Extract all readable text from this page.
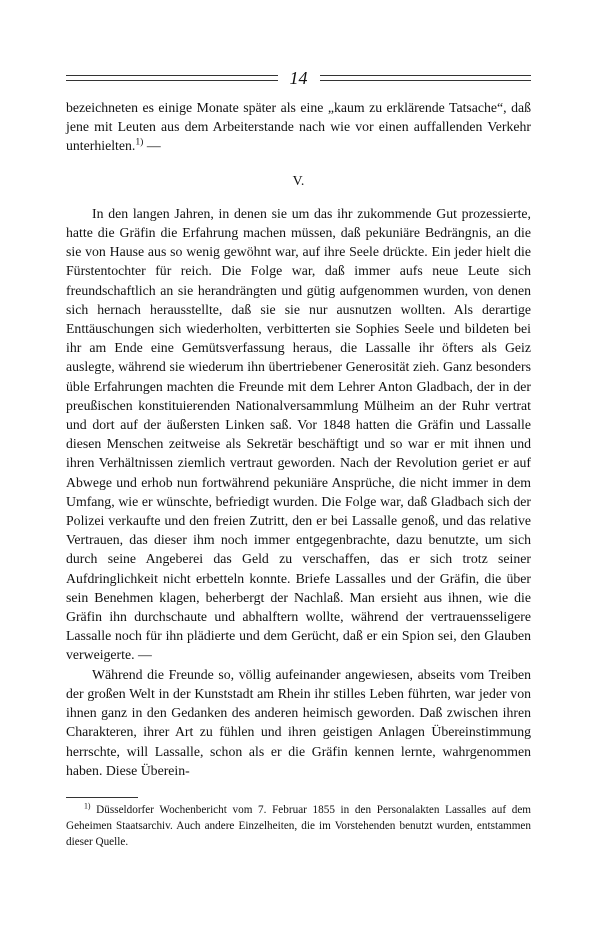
14

bezeichneten es einige Monate später als eine „kaum zu erklärende Tatsache“, daß jene mit Leuten aus dem Arbeiterstande nach wie vor einen auffallenden Verkehr unterhielten.$^{1)}$ —

V.

In den langen Jahren, in denen sie um das ihr zukommende Gut prozessierte, hatte die Gräfin die Erfahrung machen müssen, daß pekuniäre Bedrängnis, an die sie von Hause aus so wenig gewöhnt war, auf ihre Seele drückte. Ein jeder hielt die Fürstentochter für reich. Die Folge war, daß immer aufs neue Leute sich freundschaftlich an sie herandrängten und gütig aufgenommen wurden, von denen sich hernach herausstellte, daß sie sie nur ausnutzen wollten. Als derartige Enttäuschungen sich wiederholten, verbitterten sie Sophies Seele und bildeten bei ihr am Ende eine Gemütsverfassung heraus, die Lassalle ihr öfters als Geiz auslegte, während sie wiederum ihn übertriebener Generosität zieh. Ganz besonders üble Erfahrungen machten die Freunde mit dem Lehrer Anton Gladbach, der in der preußischen konstituierenden Nationalversammlung Mülheim an der Ruhr vertrat und dort auf der äußersten Linken saß. Vor 1848 hatten die Gräfin und Lassalle diesen Menschen zeitweise als Sekretär beschäftigt und so war er mit ihnen und ihren Verhältnissen ziemlich vertraut geworden. Nach der Revolution geriet er auf Abwege und erhob nun fortwährend pekuniäre Ansprüche, die nicht immer in dem Umfang, wie er wünschte, befriedigt wurden. Die Folge war, daß Gladbach sich der Polizei verkaufte und den freien Zutritt, den er bei Lassalle genoß, und das relative Vertrauen, das dieser ihm noch immer entgegenbrachte, dazu benutzte, um sich durch seine Angeberei das Geld zu verschaffen, das er sich trotz seiner Aufdringlichkeit nicht erbetteln konnte. Briefe Lassalles und der Gräfin, die über sein Benehmen klagen, beherbergt der Nachlaß. Man ersieht aus ihnen, wie die Gräfin ihn durchschaute und abhalftern wollte, während der vertrauensseligere Lassalle noch für ihn plädierte und dem Gerücht, daß er ein Spion sei, den Glauben verweigerte. —

Während die Freunde so, völlig aufeinander angewiesen, abseits vom Treiben der großen Welt in der Kunststadt am Rhein ihr stilles Leben führten, war jeder von ihnen ganz in den Gedanken des anderen heimisch geworden. Daß zwischen ihren Charakteren, ihrer Art zu fühlen und ihren geistigen Anlagen Übereinstimmung herrschte, will Lassalle, schon als er die Gräfin kennen lernte, wahrgenommen haben. Diese Überein-

$^{1)}$ Düsseldorfer Wochenbericht vom 7. Februar 1855 in den Personalakten Lassalles auf dem Geheimen Staatsarchiv. Auch andere Einzelheiten, die im Vorstehenden benutzt wurden, entstammen dieser Quelle.
